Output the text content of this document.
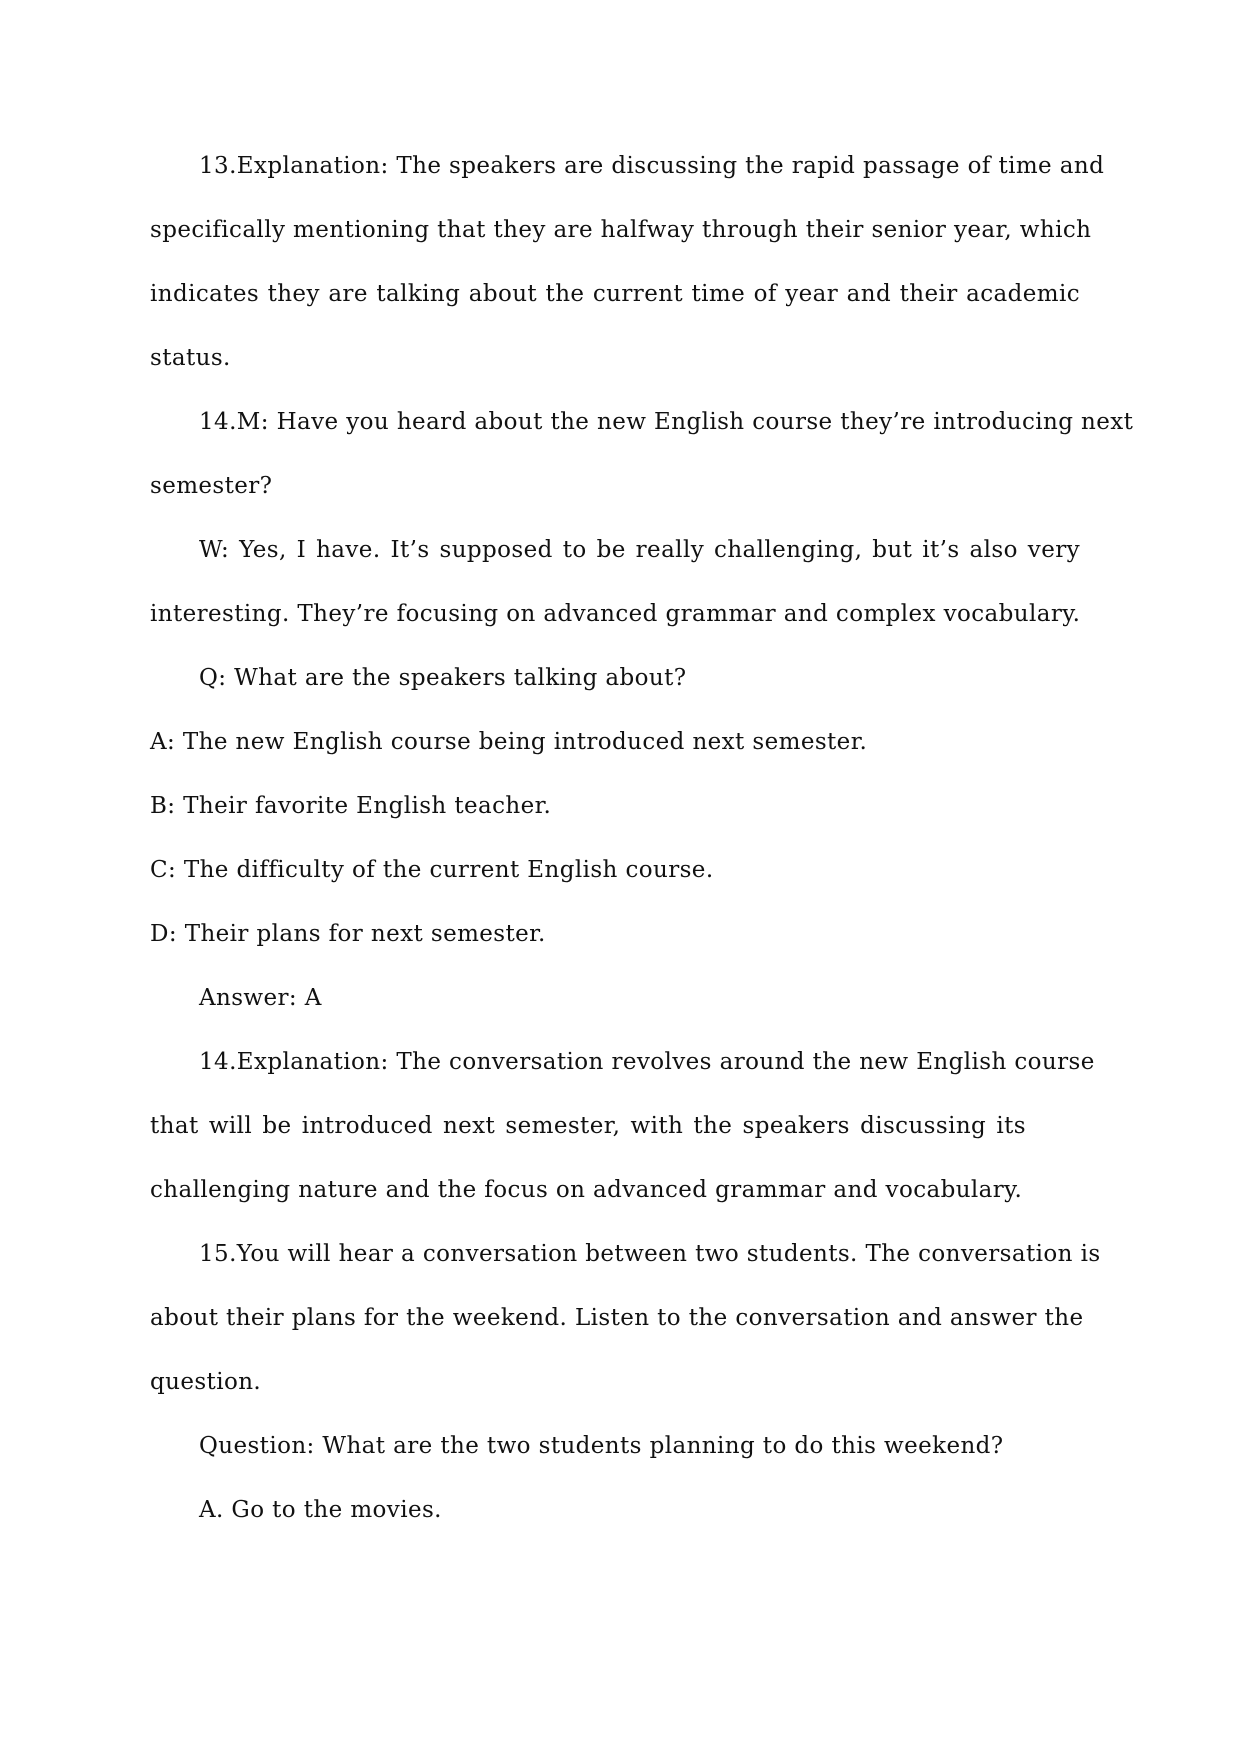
13.Explanation: The speakers are discussing the rapid passage of time and
specifically mentioning that they are halfway through their senior year, which
indicates they are talking about the current time of year and their academic
status.
14.M: Have you heard about the new English course they’re introducing next
semester?
W: Yes, I have. It’s supposed to be really challenging, but it’s also very
interesting. They’re focusing on advanced grammar and complex vocabulary.
Q: What are the speakers talking about?
A: The new English course being introduced next semester.
B: Their favorite English teacher.
C: The difficulty of the current English course.
D: Their plans for next semester.
Answer: A
14.Explanation: The conversation revolves around the new English course
that will be introduced next semester, with the speakers discussing its
challenging nature and the focus on advanced grammar and vocabulary.
15.You will hear a conversation between two students. The conversation is
about their plans for the weekend. Listen to the conversation and answer the
question.
Question: What are the two students planning to do this weekend?
A. Go to the movies.
